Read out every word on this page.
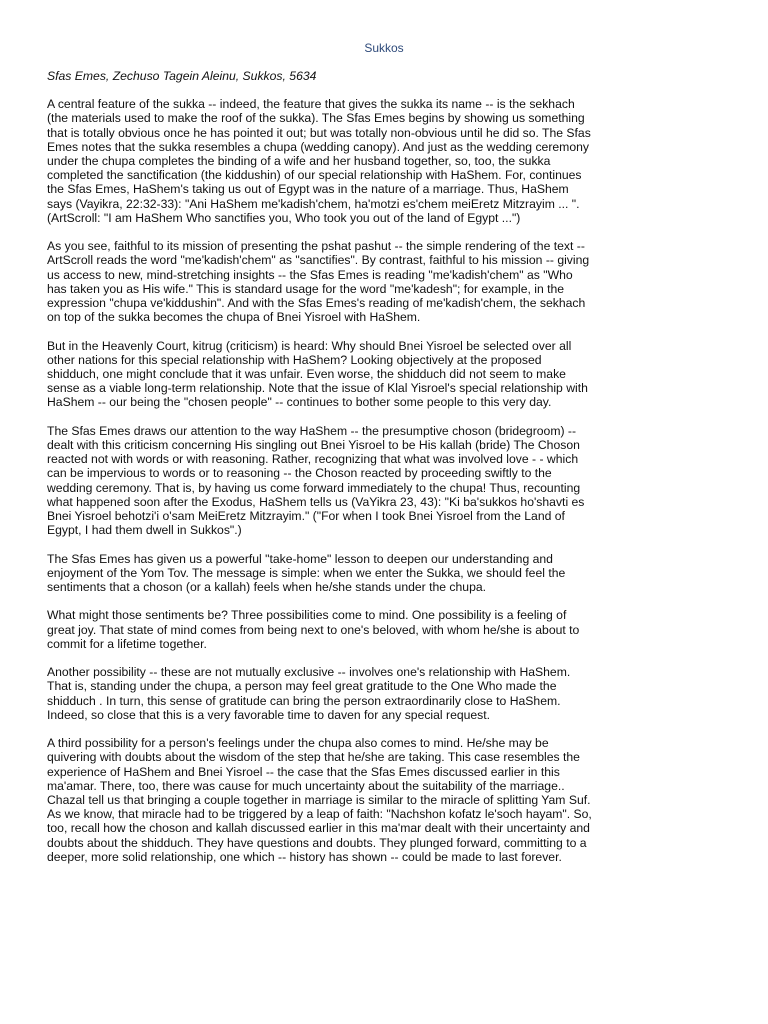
Sukkos

Sfas Emes, Zechuso Tagein Aleinu, Sukkos, 5634

A central feature of the sukka -- indeed, the feature that gives the sukka its name -- is the sekhach (the materials used to make the roof of the sukka). The Sfas Emes begins by showing us something that is totally obvious once he has pointed it out; but was totally non-obvious until he did so. The Sfas Emes notes that the sukka resembles a chupa (wedding canopy). And just as the wedding ceremony under the chupa completes the binding of a wife and her husband together, so, too, the sukka completed the sanctification (the kiddushin) of our special relationship with HaShem. For, continues the Sfas Emes, HaShem's taking us out of Egypt was in the nature of a marriage. Thus, HaShem says (Vayikra, 22:32-33): "Ani HaShem me'kadish'chem, ha'motzi es'chem meiEretz Mitzrayim ... ". (ArtScroll: "I am HaShem Who sanctifies you, Who took you out of the land of Egypt ...")

As you see, faithful to its mission of presenting the pshat pashut -- the simple rendering of the text -- ArtScroll reads the word "me'kadish'chem" as "sanctifies". By contrast, faithful to his mission -- giving us access to new, mind-stretching insights -- the Sfas Emes is reading "me'kadish'chem" as "Who has taken you as His wife." This is standard usage for the word "me'kadesh"; for example, in the expression "chupa ve'kiddushin". And with the Sfas Emes's reading of me'kadish'chem, the sekhach on top of the sukka becomes the chupa of Bnei Yisroel with HaShem.

But in the Heavenly Court, kitrug (criticism) is heard: Why should Bnei Yisroel be selected over all other nations for this special relationship with HaShem? Looking objectively at the proposed shidduch, one might conclude that it was unfair. Even worse, the shidduch did not seem to make sense as a viable long-term relationship. Note that the issue of Klal Yisroel's special relationship with HaShem -- our being the "chosen people" -- continues to bother some people to this very day.

The Sfas Emes draws our attention to the way HaShem -- the presumptive choson (bridegroom) -- dealt with this criticism concerning His singling out Bnei Yisroel to be His kallah (bride) The Choson reacted not with words or with reasoning. Rather, recognizing that what was involved love - - which can be impervious to words or to reasoning -- the Choson reacted by proceeding swiftly to the wedding ceremony. That is, by having us come forward immediately to the chupa! Thus, recounting what happened soon after the Exodus, HaShem tells us (VaYikra 23, 43): "Ki ba'sukkos ho'shavti es Bnei Yisroel behotzi'i o'sam MeiEretz Mitzrayim." ("For when I took Bnei Yisroel from the Land of Egypt, I had them dwell in Sukkos".)

The Sfas Emes has given us a powerful "take-home" lesson to deepen our understanding and enjoyment of the Yom Tov. The message is simple: when we enter the Sukka, we should feel the sentiments that a choson (or a kallah) feels when he/she stands under the chupa.

What might those sentiments be? Three possibilities come to mind. One possibility is a feeling of great joy. That state of mind comes from being next to one's beloved, with whom he/she is about to commit for a lifetime together.

Another possibility -- these are not mutually exclusive -- involves one's relationship with HaShem. That is, standing under the chupa, a person may feel great gratitude to the One Who made the shidduch . In turn, this sense of gratitude can bring the person extraordinarily close to HaShem. Indeed, so close that this is a very favorable time to daven for any special request.

A third possibility for a person's feelings under the chupa also comes to mind. He/she may be quivering with doubts about the wisdom of the step that he/she are taking. This case resembles the experience of HaShem and Bnei Yisroel -- the case that the Sfas Emes discussed earlier in this ma'amar. There, too, there was cause for much uncertainty about the suitability of the marriage.. Chazal tell us that bringing a couple together in marriage is similar to the miracle of splitting Yam Suf. As we know, that miracle had to be triggered by a leap of faith: "Nachshon kofatz le'soch hayam". So, too, recall how the choson and kallah discussed earlier in this ma'mar dealt with their uncertainty and doubts about the shidduch. They have questions and doubts. They plunged forward, committing to a deeper, more solid relationship, one which -- history has shown -- could be made to last forever.
